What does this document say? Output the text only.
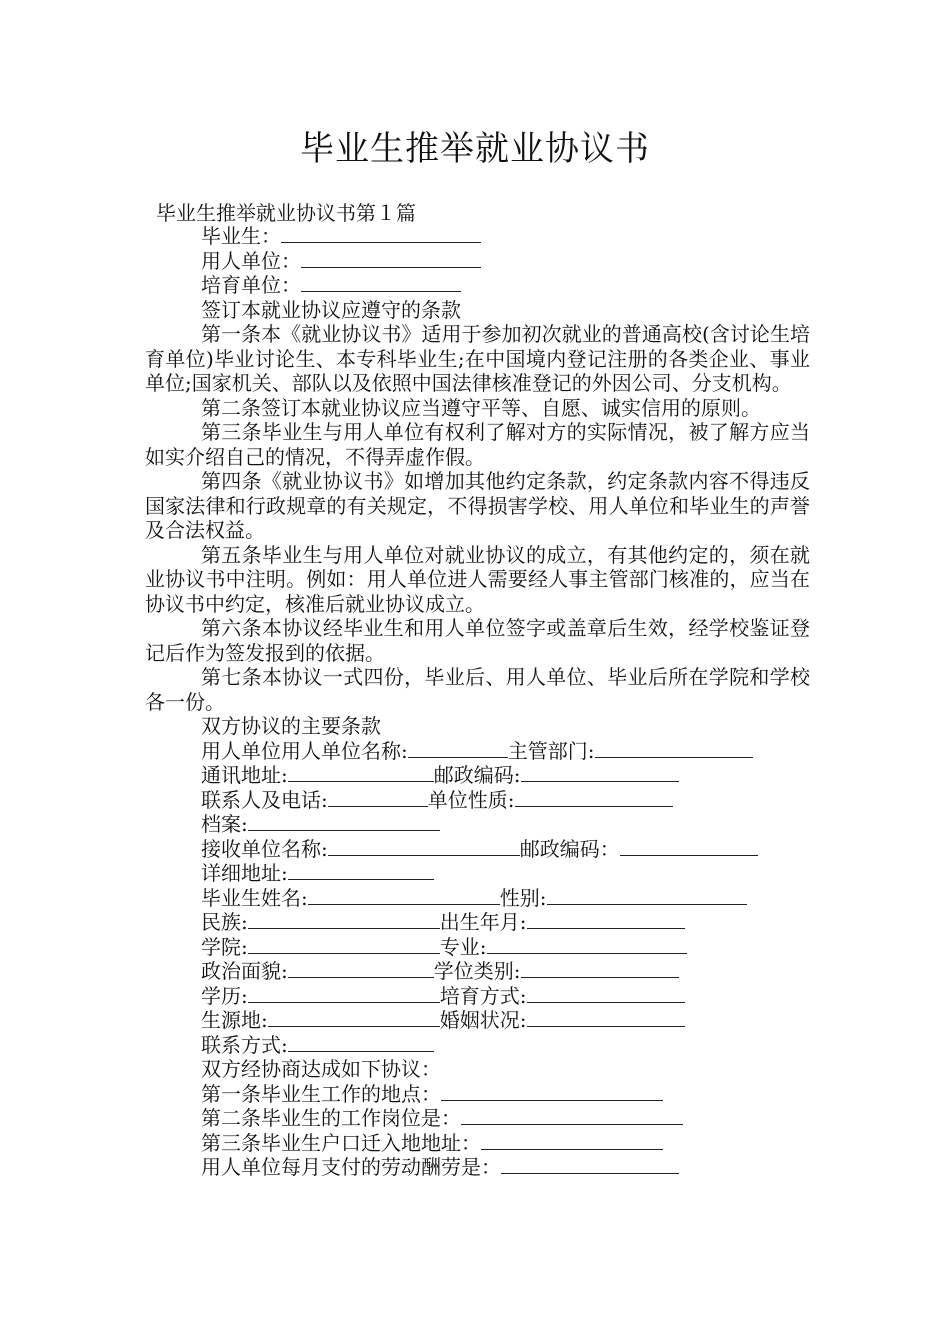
毕业生推举就业协议书

毕业生推举就业协议书第１篇

毕业生：

用人单位：

培育单位：

签订本就业协议应遵守的条款

第一条本《就业协议书》适用于参加初次就业的普通高校(含讨论生培育单位)毕业讨论生、本专科毕业生;在中国境内登记注册的各类企业、事业单位;国家机关、部队以及依照中国法律核准登记的外因公司、分支机构。

第二条签订本就业协议应当遵守平等、自愿、诚实信用的原则。

第三条毕业生与用人单位有权利了解对方的实际情况，被了解方应当如实介绍自己的情况，不得弄虚作假。

第四条《就业协议书》如增加其他约定条款，约定条款内容不得违反国家法律和行政规章的有关规定，不得损害学校、用人单位和毕业生的声誉及合法权益。

第五条毕业生与用人单位对就业协议的成立，有其他约定的，须在就业协议书中注明。例如：用人单位进人需要经人事主管部门核准的，应当在协议书中约定，核准后就业协议成立。

第六条本协议经毕业生和用人单位签字或盖章后生效，经学校鉴证登记后作为签发报到的依据。

第七条本协议一式四份，毕业后、用人单位、毕业后所在学院和学校各一份。

双方协议的主要条款

用人单位用人单位名称:	主管部门:

通讯地址:	邮政编码:

联系人及电话:	单位性质:

档案:

接收单位名称:	邮政编码：

详细地址:

毕业生姓名:	性别:

民族:	出生年月:

学院:	专业:

政治面貌:	学位类别:

学历:	培育方式:

生源地:	婚姻状况:

联系方式:

双方经协商达成如下协议：

第一条毕业生工作的地点：

第二条毕业生的工作岗位是：

第三条毕业生户口迁入地地址：

用人单位每月支付的劳动酬劳是：
